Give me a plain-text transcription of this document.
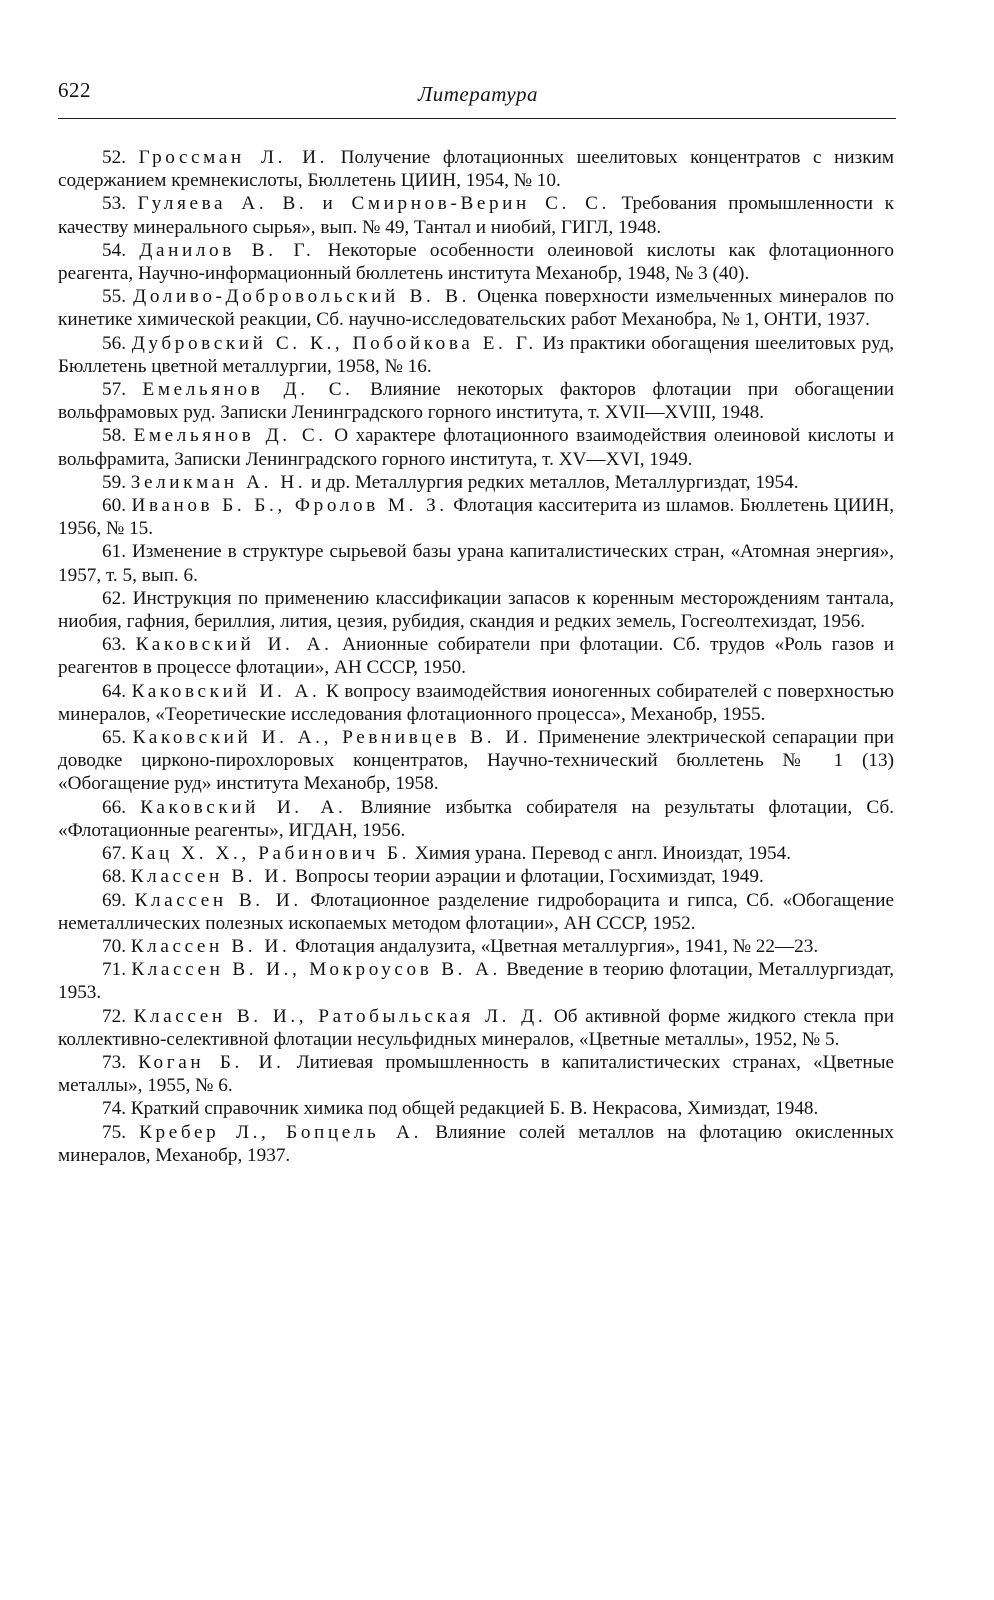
622	Литература
52. Гроссман Л. И. Получение флотационных шеелитовых концентратов с низким содержанием кремнекислоты, Бюллетень ЦИИН, 1954, № 10.
53. Гуляева А. В. и Смирнов-Верин С. С. Требования промышленности к качеству минерального сырья», вып. № 49, Тантал и ниобий, ГИГЛ, 1948.
54. Данилов В. Г. Некоторые особенности олеиновой кислоты как флотационного реагента, Научно-информационный бюллетень института Механобр, 1948, № 3 (40).
55. Доливо-Добровольский В. В. Оценка поверхности измельченных минералов по кинетике химической реакции, Сб. научно-исследовательских работ Механобра, № 1, ОНТИ, 1937.
56. Дубровский С. К., Побойкова Е. Г. Из практики обогащения шеелитовых руд, Бюллетень цветной металлургии, 1958, № 16.
57. Емельянов Д. С. Влияние некоторых факторов флотации при обогащении вольфрамовых руд. Записки Ленинградского горного института, т. XVII—XVIII, 1948.
58. Емельянов Д. С. О характере флотационного взаимодействия олеиновой кислоты и вольфрамита, Записки Ленинградского горного института, т. XV—XVI, 1949.
59. Зеликман А. Н. и др. Металлургия редких металлов, Металлургиздат, 1954.
60. Иванов Б. Б., Фролов М. З. Флотация касситерита из шламов. Бюллетень ЦИИН, 1956, № 15.
61. Изменение в структуре сырьевой базы урана капиталистических стран, «Атомная энергия», 1957, т. 5, вып. 6.
62. Инструкция по применению классификации запасов к коренным месторождениям тантала, ниобия, гафния, бериллия, лития, цезия, рубидия, скандия и редких земель, Госгеолтехиздат, 1956.
63. Каковский И. А. Анионные собиратели при флотации. Сб. трудов «Роль газов и реагентов в процессе флотации», АН СССР, 1950.
64. Каковский И. А. К вопросу взаимодействия ионогенных собирателей с поверхностью минералов, «Теоретические исследования флотационного процесса», Механобр, 1955.
65. Каковский И. А., Ревнивцев В. И. Применение электрической сепарации при доводке цирконо-пирохлоровых концентратов, Научно-технический бюллетень № 1 (13) «Обогащение руд» института Механобр, 1958.
66. Каковский И. А. Влияние избытка собирателя на результаты флотации, Сб. «Флотационные реагенты», ИГДАН, 1956.
67. Кац Х. Х., Рабинович Б. Химия урана. Перевод с англ. Иноиздат, 1954.
68. Классен В. И. Вопросы теории аэрации и флотации, Госхимиздат, 1949.
69. Классен В. И. Флотационное разделение гидроборацита и гипса, Сб. «Обогащение неметаллических полезных ископаемых методом флотации», АН СССР, 1952.
70. Классен В. И. Флотация андалузита, «Цветная металлургия», 1941, № 22—23.
71. Классен В. И., Мокроусов В. А. Введение в теорию флотации, Металлургиздат, 1953.
72. Классен В. И., Ратобыльская Л. Д. Об активной форме жидкого стекла при коллективно-селективной флотации несульфидных минералов, «Цветные металлы», 1952, № 5.
73. Коган Б. И. Литиевая промышленность в капиталистических странах, «Цветные металлы», 1955, № 6.
74. Краткий справочник химика под общей редакцией Б. В. Некрасова, Химиздат, 1948.
75. Кребер Л., Бопцель А. Влияние солей металлов на флотацию окисленных минералов, Механобр, 1937.
